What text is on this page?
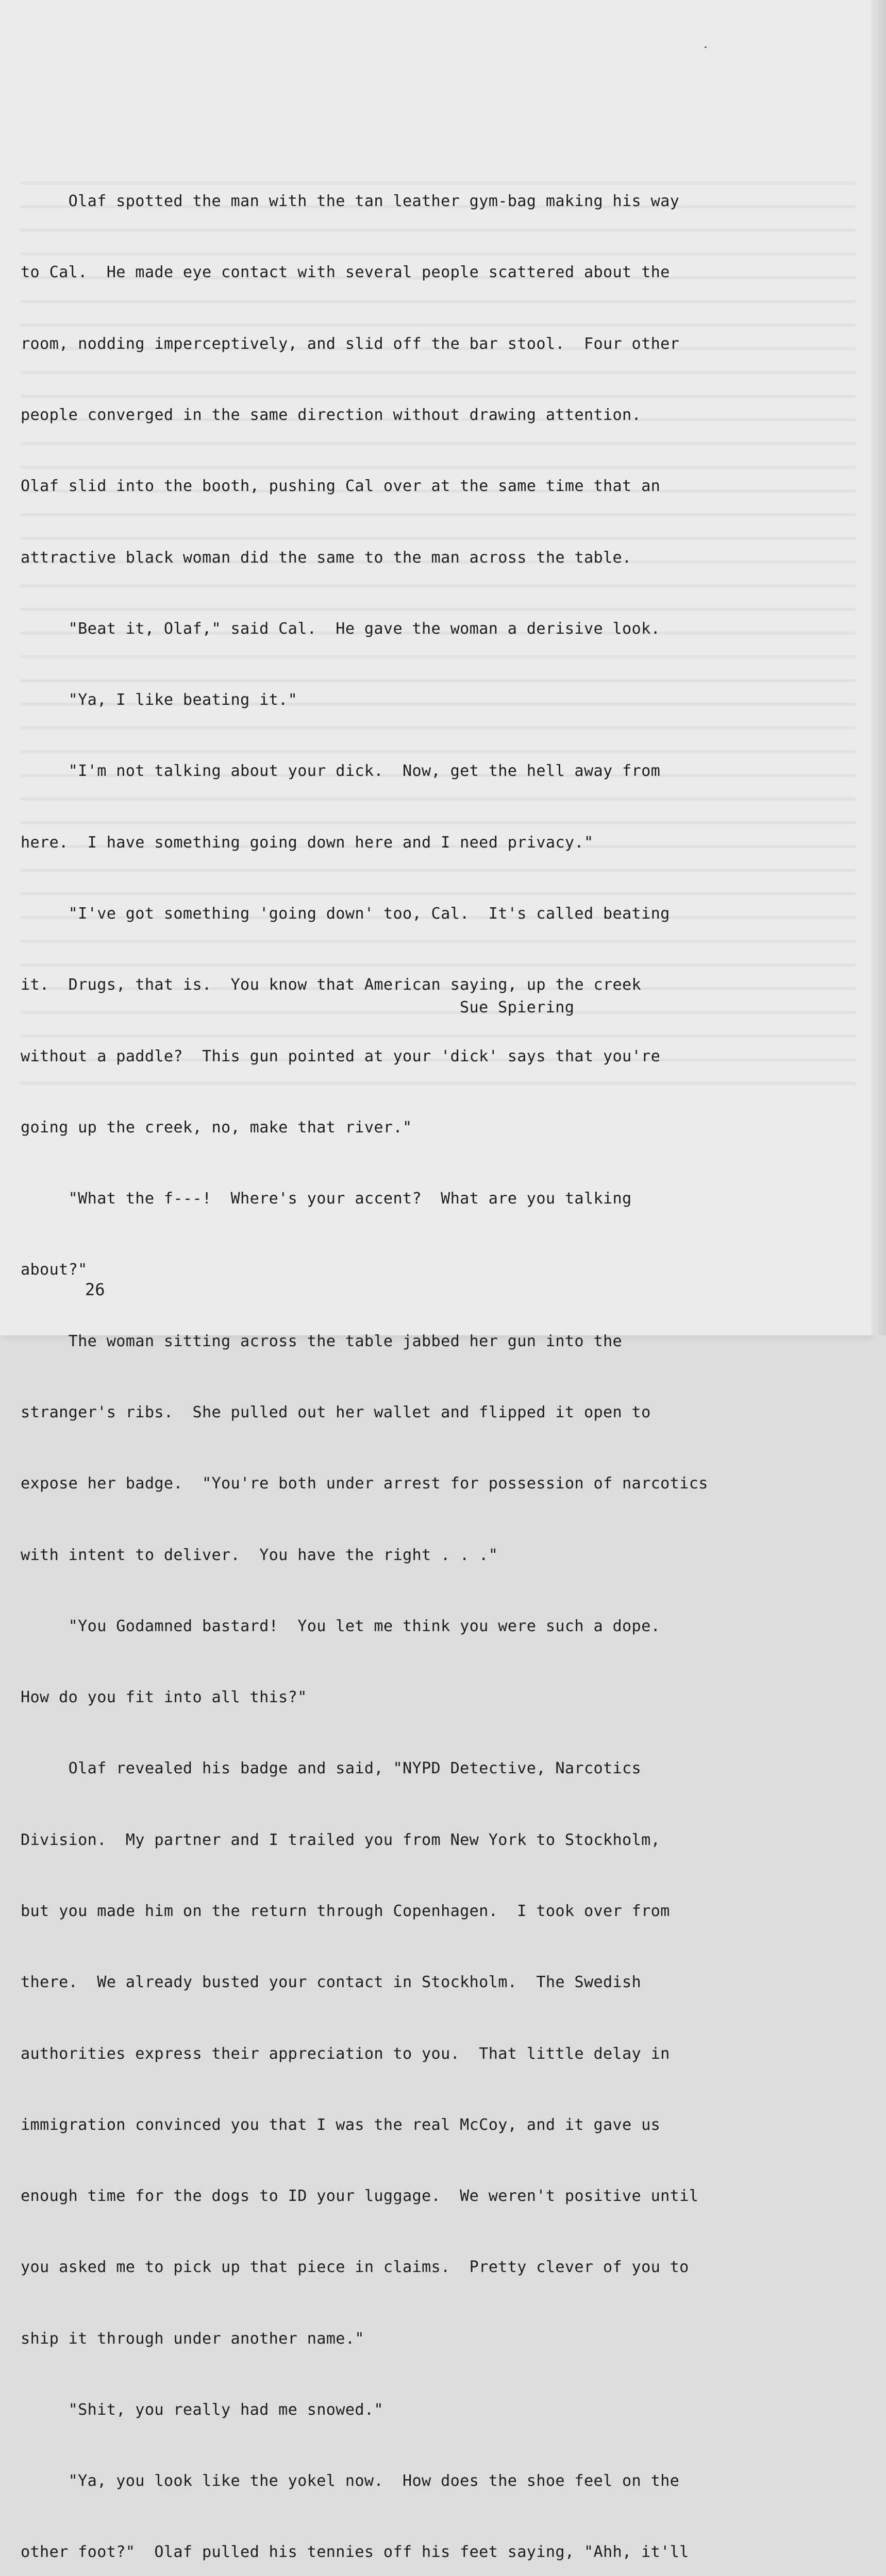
Olaf spotted the man with the tan leather gym-bag making his way

to Cal.  He made eye contact with several people scattered about the

room, nodding imperceptively, and slid off the bar stool.  Four other

people converged in the same direction without drawing attention.

Olaf slid into the booth, pushing Cal over at the same time that an

attractive black woman did the same to the man across the table.

"Beat it, Olaf," said Cal.  He gave the woman a derisive look.

"Ya, I like beating it."

"I'm not talking about your dick.  Now, get the hell away from

here.  I have something going down here and I need privacy."

"I've got something 'going down' too, Cal.  It's called beating

it.  Drugs, that is.  You know that American saying, up the creek

without a paddle?  This gun pointed at your 'dick' says that you're

going up the creek, no, make that river."

"What the f---!  Where's your accent?  What are you talking

about?"

The woman sitting across the table jabbed her gun into the

stranger's ribs.  She pulled out her wallet and flipped it open to

expose her badge.  "You're both under arrest for possession of narcotics

with intent to deliver.  You have the right . . ."

"You Godamned bastard!  You let me think you were such a dope.

How do you fit into all this?"

Olaf revealed his badge and said, "NYPD Detective, Narcotics

Division.  My partner and I trailed you from New York to Stockholm,

but you made him on the return through Copenhagen.  I took over from

there.  We already busted your contact in Stockholm.  The Swedish

authorities express their appreciation to you.  That little delay in

immigration convinced you that I was the real McCoy, and it gave us

enough time for the dogs to ID your luggage.  We weren't positive until

you asked me to pick up that piece in claims.  Pretty clever of you to

ship it through under another name."

"Shit, you really had me snowed."

"Ya, you look like the yokel now.  How does the shoe feel on the

other foot?"  Olaf pulled his tennies off his feet saying, "Ahh, it'll

Sue Spiering
26
